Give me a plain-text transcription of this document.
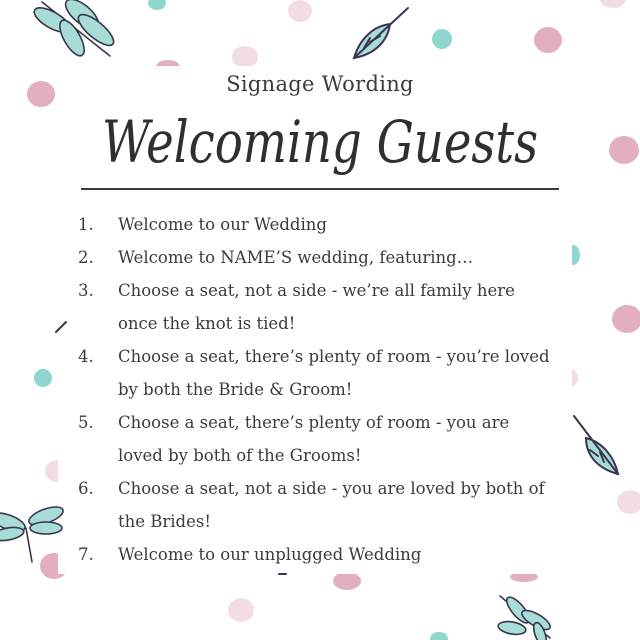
Signage Wording
Welcoming Guests
1. Welcome to our Wedding
2. Welcome to NAME’S wedding, featuring…
3. Choose a seat, not a side - we’re all family here once the knot is tied!
4. Choose a seat, there’s plenty of room - you’re loved by both the Bride & Groom!
5. Choose a seat, there’s plenty of room - you are loved by both of the Grooms!
6. Choose a seat, not a side - you are loved by both of the Brides!
7. Welcome to our unplugged Wedding
